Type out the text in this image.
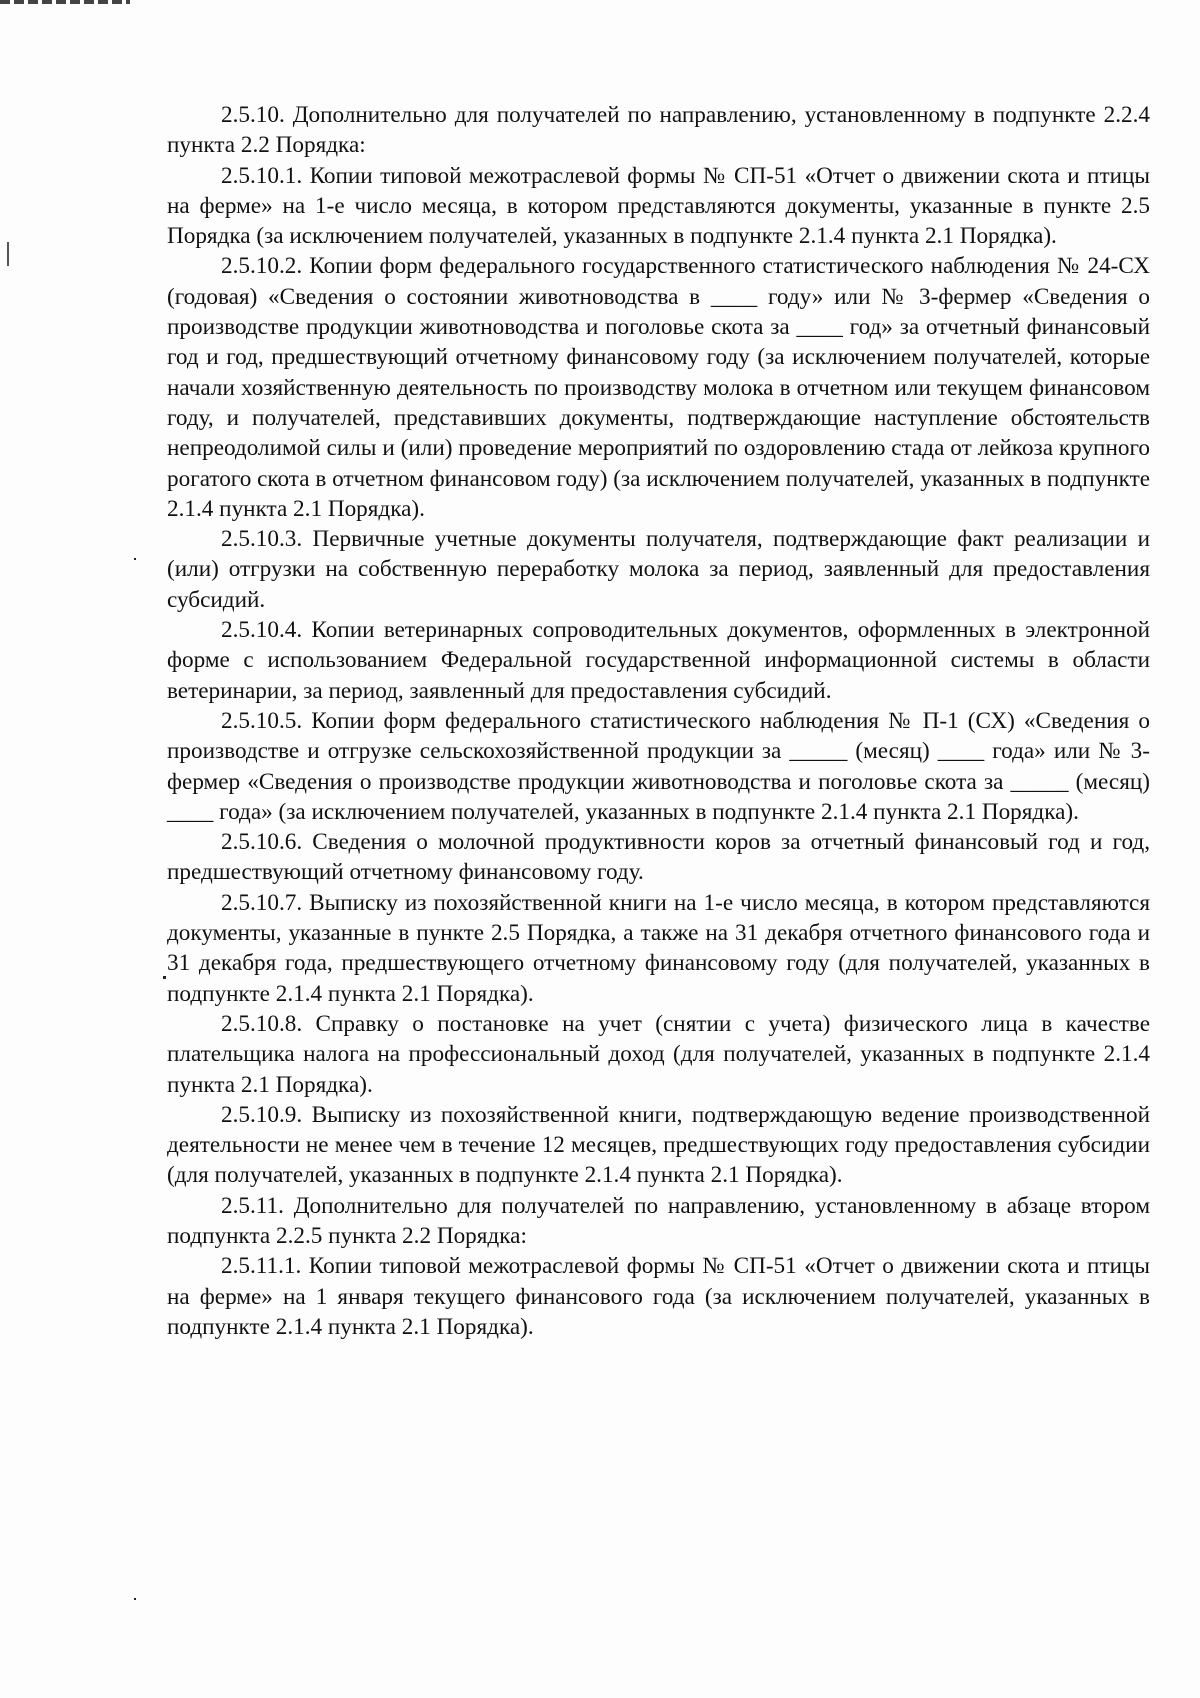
2.5.10. Дополнительно для получателей по направлению, установленному в подпункте 2.2.4 пункта 2.2 Порядка:

2.5.10.1. Копии типовой межотраслевой формы № СП-51 «Отчет о движении скота и птицы на ферме» на 1-е число месяца, в котором представляются документы, указанные в пункте 2.5 Порядка (за исключением получателей, указанных в подпункте 2.1.4 пункта 2.1 Порядка).

2.5.10.2. Копии форм федерального государственного статистического наблюдения № 24-СХ (годовая) «Сведения о состоянии животноводства в ____ году» или № 3-фермер «Сведения о производстве продукции животноводства и поголовье скота за ____ год» за отчетный финансовый год и год, предшествующий отчетному финансовому году (за исключением получателей, которые начали хозяйственную деятельность по производству молока в отчетном или текущем финансовом году, и получателей, представивших документы, подтверждающие наступление обстоятельств непреодолимой силы и (или) проведение мероприятий по оздоровлению стада от лейкоза крупного рогатого скота в отчетном финансовом году) (за исключением получателей, указанных в подпункте 2.1.4 пункта 2.1 Порядка).

2.5.10.3. Первичные учетные документы получателя, подтверждающие факт реализации и (или) отгрузки на собственную переработку молока за период, заявленный для предоставления субсидий.

2.5.10.4. Копии ветеринарных сопроводительных документов, оформленных в электронной форме с использованием Федеральной государственной информационной системы в области ветеринарии, за период, заявленный для предоставления субсидий.

2.5.10.5. Копии форм федерального статистического наблюдения № П-1 (СХ) «Сведения о производстве и отгрузке сельскохозяйственной продукции за _____ (месяц) ____ года» или № 3-фермер «Сведения о производстве продукции животноводства и поголовье скота за _____ (месяц) ____ года» (за исключением получателей, указанных в подпункте 2.1.4 пункта 2.1 Порядка).

2.5.10.6. Сведения о молочной продуктивности коров за отчетный финансовый год и год, предшествующий отчетному финансовому году.

2.5.10.7. Выписку из похозяйственной книги на 1-е число месяца, в котором представляются документы, указанные в пункте 2.5 Порядка, а также на 31 декабря отчетного финансового года и 31 декабря года, предшествующего отчетному финансовому году (для получателей, указанных в подпункте 2.1.4 пункта 2.1 Порядка).

2.5.10.8. Справку о постановке на учет (снятии с учета) физического лица в качестве плательщика налога на профессиональный доход (для получателей, указанных в подпункте 2.1.4 пункта 2.1 Порядка).

2.5.10.9. Выписку из похозяйственной книги, подтверждающую ведение производственной деятельности не менее чем в течение 12 месяцев, предшествующих году предоставления субсидии (для получателей, указанных в подпункте 2.1.4 пункта 2.1 Порядка).

2.5.11. Дополнительно для получателей по направлению, установленному в абзаце втором подпункта 2.2.5 пункта 2.2 Порядка:

2.5.11.1. Копии типовой межотраслевой формы № СП-51 «Отчет о движении скота и птицы на ферме» на 1 января текущего финансового года (за исключением получателей, указанных в подпункте 2.1.4 пункта 2.1 Порядка).
